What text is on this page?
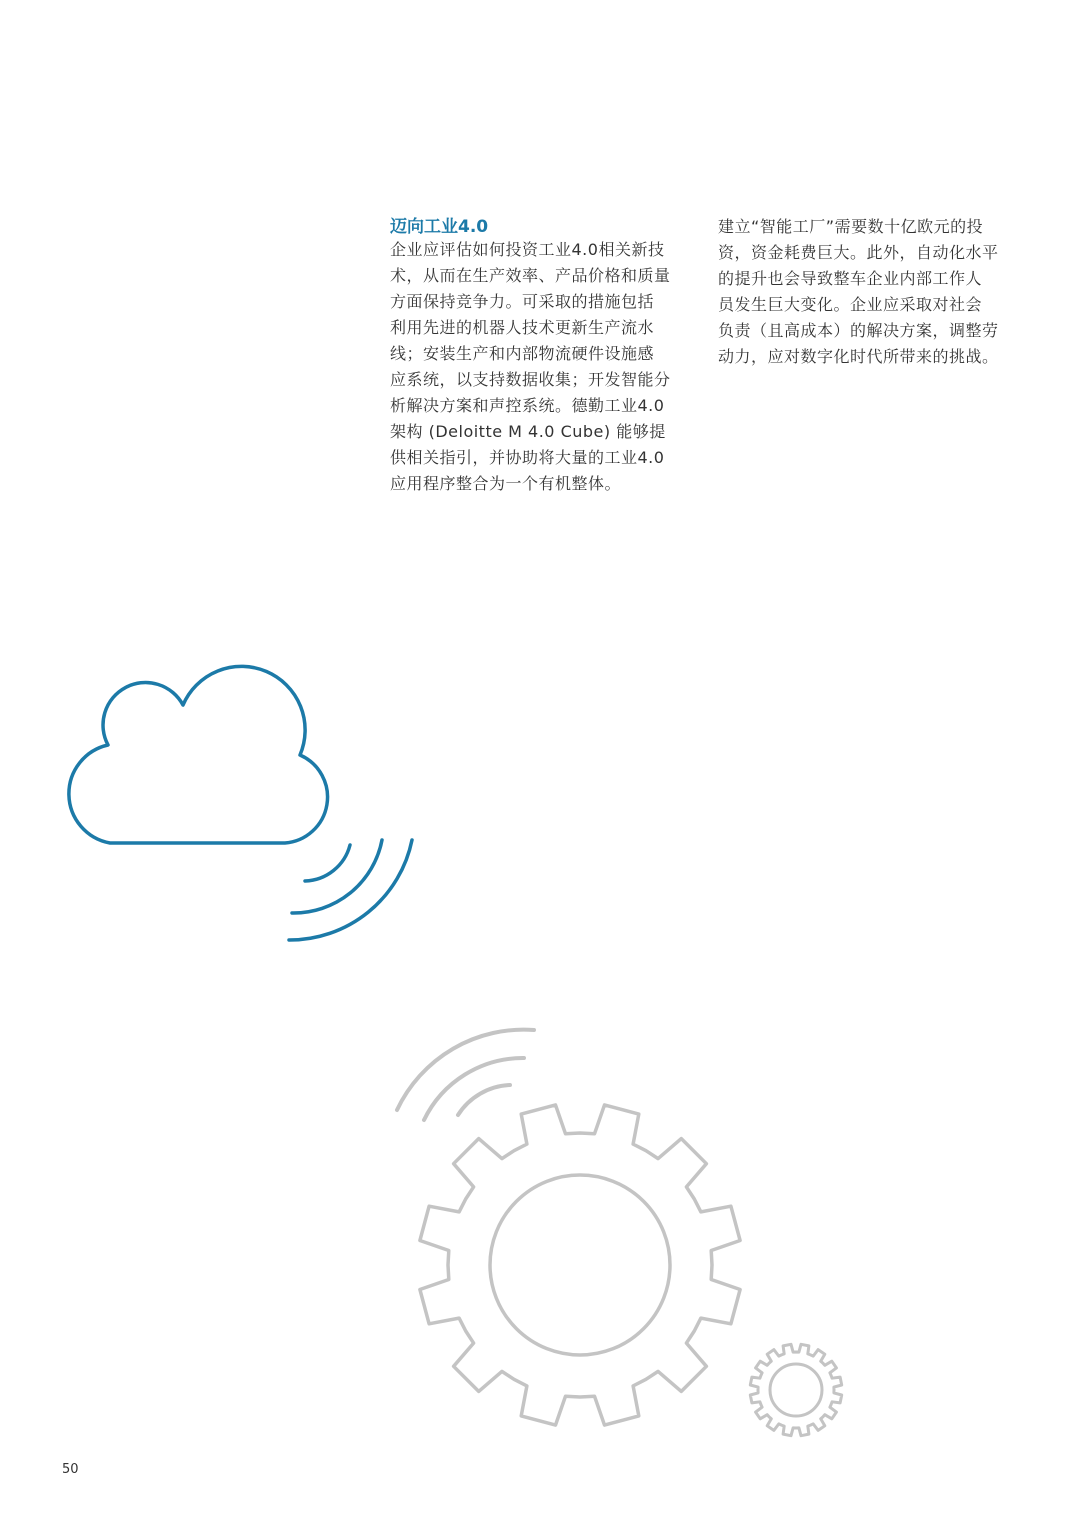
迈向工业4.0
企业应评估如何投资工业4.0相关新技
术，从而在生产效率、产品价格和质量
方面保持竞争力。可采取的措施包括
利用先进的机器人技术更新生产流水
线；安装生产和内部物流硬件设施感
应系统，以支持数据收集；开发智能分
析解决方案和声控系统。德勤工业4.0
架构 (Deloitte M 4.0 Cube) 能够提
供相关指引，并协助将大量的工业4.0
应用程序整合为一个有机整体。
建立“智能工厂”需要数十亿欧元的投
资，资金耗费巨大。此外，自动化水平
的提升也会导致整车企业内部工作人
员发生巨大变化。企业应采取对社会
负责（且高成本）的解决方案，调整劳
动力，应对数字化时代所带来的挑战。
50
